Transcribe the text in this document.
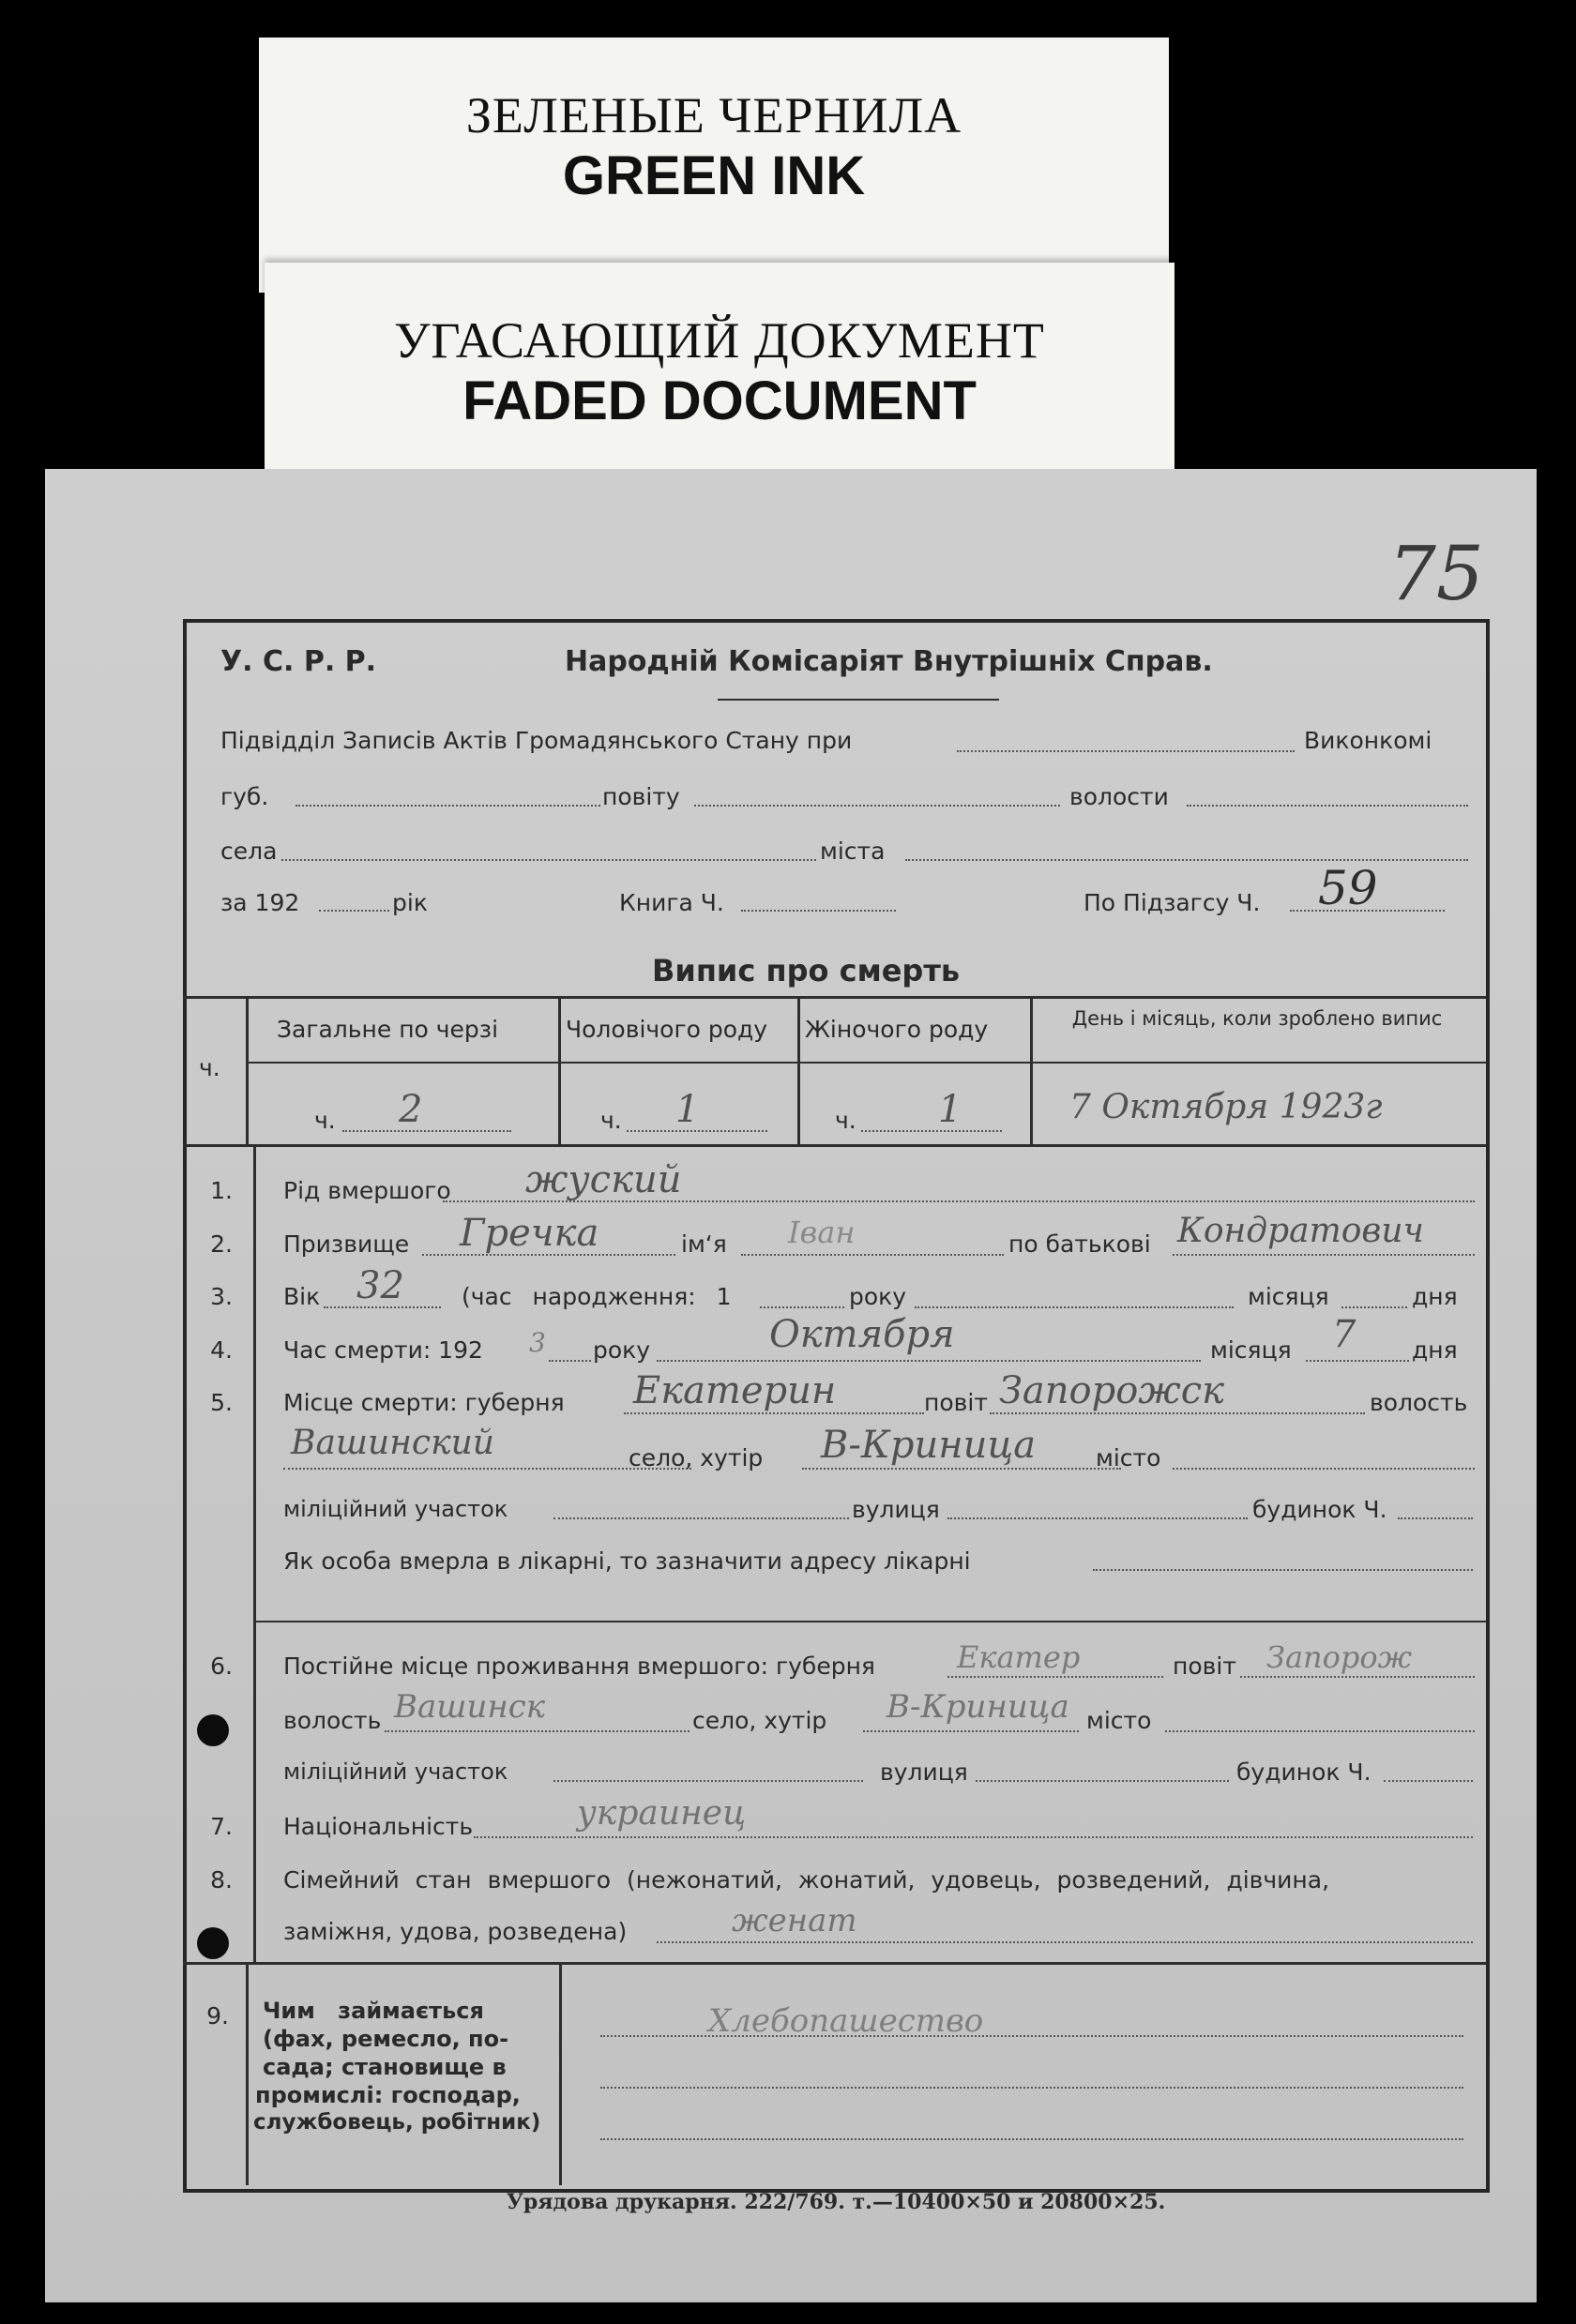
ЗЕЛЕНЫЕ ЧЕРНИЛА
GREEN INK
УГАСАЮЩИЙ ДОКУМЕНТ
FADED DOCUMENT
75
У. С. Р. Р.	Народній Комісаріят Внутрішніх Справ.
Підвідділ Записів Актів Громадянського Стану при	Виконкомі
губ.	повіту	волости
села	міста
за 192	рік	Книга Ч.	По Підзагсу Ч. 59
Випис про смерть
ч.
Загальне по черзі	Чоловічого роду Жіночого роду	День і місяць, коли зроблено випис
ч. 2	ч. 1	ч. 1	7 Октября 1923г
1.	Рід вмершого жуский
2.	Призвище Гречка	ім‘я Іван	по батькові Кондратович
3.	Вік 32 (час народження: 1	року	місяця	дня
4.	Час смерти: 192 3 року	Октября	місяця 7 дня
5.	Місце смерти: губерня Екатерин	повіт Запорожск	волость
Вашинский	село, хутір В-Криница	місто
міліційний участок	вулиця	будинок Ч.
Як особа вмерла в лікарні, то зазначити адресу лікарні
6.	Постійне місце проживання вмершого: губерня	Екатер	повіт Запорож
волость Вашинск	село, хутір В-Криница місто
міліційний участок	вулиця	будинок Ч.
7.	Національність	украинец
8.	Сімейний стан вмершого (нежонатий, жонатий, удовець, розведений, дівчина,
заміжня, удова, розведена)	женат
9.	Чим займається
(фах, ремесло, по-
сада; становище в
промислі: господар,
службовець, робітник)
Хлебопашество
Урядова друкарня. 222/769. т.—10400×50 и 20800×25.
